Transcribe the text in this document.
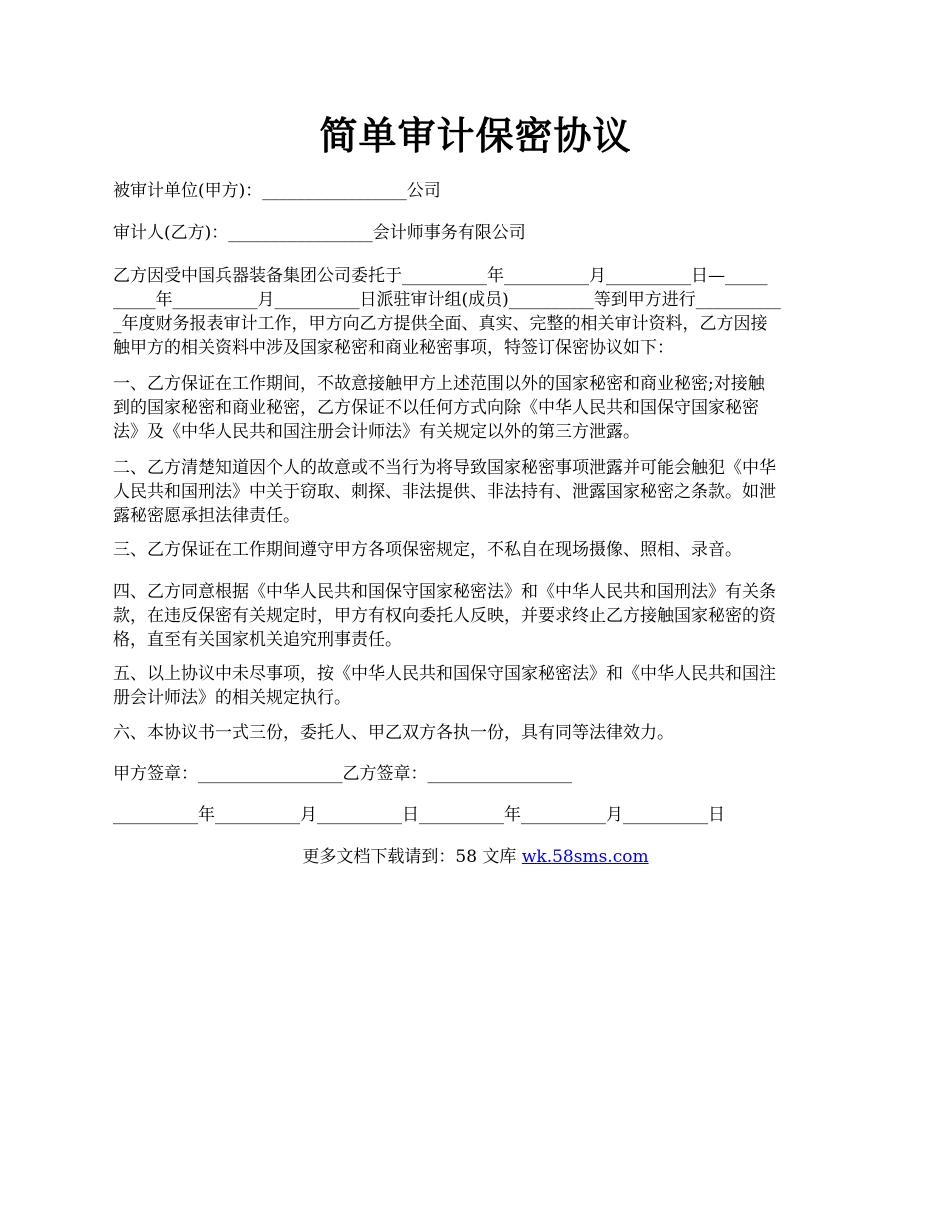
简单审计保密协议

被审计单位(甲方)：_________________公司

审计人(乙方)：_________________会计师事务有限公司

乙方因受中国兵器装备集团公司委托于__________年__________月__________日—_____
_____年__________月__________日派驻审计组(成员)__________等到甲方进行__________
_年度财务报表审计工作，甲方向乙方提供全面、真实、完整的相关审计资料，乙方因接
触甲方的相关资料中涉及国家秘密和商业秘密事项，特签订保密协议如下：

一、乙方保证在工作期间，不故意接触甲方上述范围以外的国家秘密和商业秘密;对接触
到的国家秘密和商业秘密，乙方保证不以任何方式向除《中华人民共和国保守国家秘密
法》及《中华人民共和国注册会计师法》有关规定以外的第三方泄露。

二、乙方清楚知道因个人的故意或不当行为将导致国家秘密事项泄露并可能会触犯《中华
人民共和国刑法》中关于窃取、刺探、非法提供、非法持有、泄露国家秘密之条款。如泄
露秘密愿承担法律责任。

三、乙方保证在工作期间遵守甲方各项保密规定，不私自在现场摄像、照相、录音。

四、乙方同意根据《中华人民共和国保守国家秘密法》和《中华人民共和国刑法》有关条
款，在违反保密有关规定时，甲方有权向委托人反映，并要求终止乙方接触国家秘密的资
格，直至有关国家机关追究刑事责任。

五、以上协议中未尽事项，按《中华人民共和国保守国家秘密法》和《中华人民共和国注
册会计师法》的相关规定执行。

六、本协议书一式三份，委托人、甲乙双方各执一份，具有同等法律效力。

甲方签章：_________________乙方签章：_________________

__________年__________月__________日__________年__________月__________日

更多文档下载请到：58 文库 wk.58sms.com
